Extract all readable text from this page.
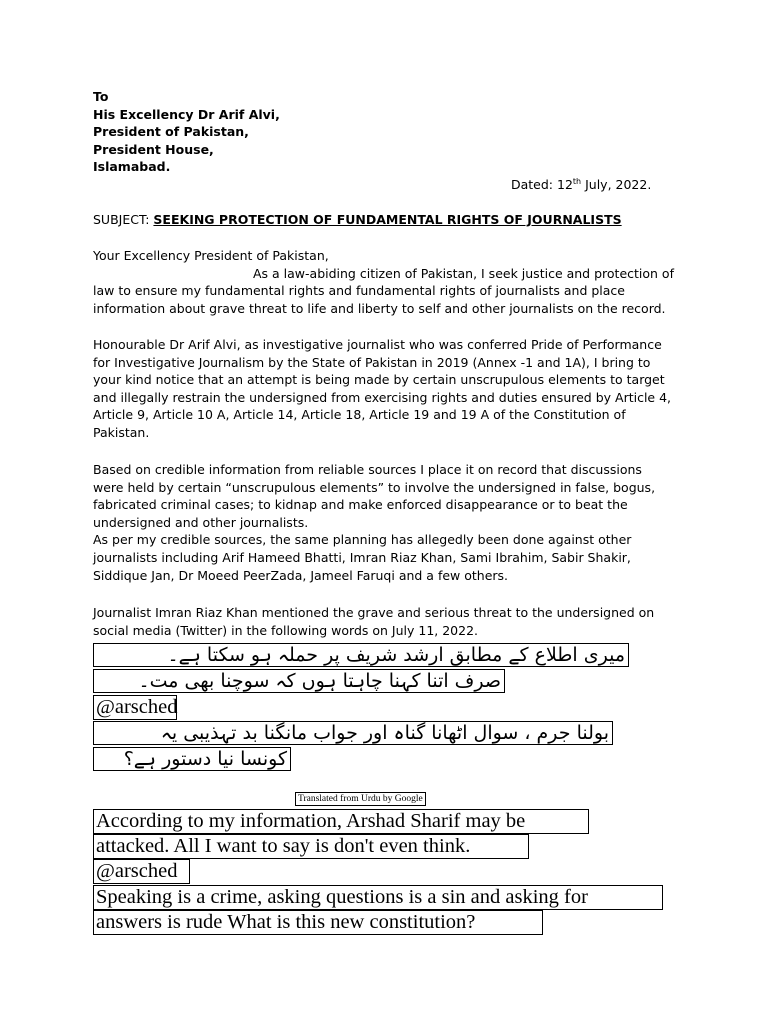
To
His Excellency Dr Arif Alvi,
President of Pakistan,
President House,
Islamabad.
Dated: 12th July, 2022.
SUBJECT: SEEKING PROTECTION OF FUNDAMENTAL RIGHTS OF JOURNALISTS
Your Excellency President of Pakistan,
As a law-abiding citizen of Pakistan, I seek justice and protection of
law to ensure my fundamental rights and fundamental rights of journalists and place
information about grave threat to life and liberty to self and other journalists on the record.
Honourable Dr Arif Alvi, as investigative journalist who was conferred Pride of Performance
for Investigative Journalism by the State of Pakistan in 2019 (Annex -1 and 1A), I bring to
your kind notice that an attempt is being made by certain unscrupulous elements to target
and illegally restrain the undersigned from exercising rights and duties ensured by Article 4,
Article 9, Article 10 A, Article 14, Article 18, Article 19 and 19 A of the Constitution of
Pakistan.
Based on credible information from reliable sources I place it on record that discussions
were held by certain “unscrupulous elements” to involve the undersigned in false, bogus,
fabricated criminal cases; to kidnap and make enforced disappearance or to beat the
undersigned and other journalists.
As per my credible sources, the same planning has allegedly been done against other
journalists including Arif Hameed Bhatti, Imran Riaz Khan, Sami Ibrahim, Sabir Shakir,
Siddique Jan, Dr Moeed PeerZada, Jameel Faruqi and a few others.
Journalist Imran Riaz Khan mentioned the grave and serious threat to the undersigned on
social media (Twitter) in the following words on July 11, 2022.
میری اطلاع کے مطابق ارشد شریف پر حملہ ہو سکتا ہے۔
صرف اتنا کہنا چاہتا ہوں کہ سوچنا بھی مت۔
@arsched
بولنا جرم ، سوال اٹھانا گناہ اور جواب مانگنا بد تہذیبی یہ
کونسا نیا دستور ہے؟
Translated from Urdu by Google
According to my information, Arshad Sharif may be
attacked. All I want to say is don't even think.
@arsched
Speaking is a crime, asking questions is a sin and asking for
answers is rude What is this new constitution?
